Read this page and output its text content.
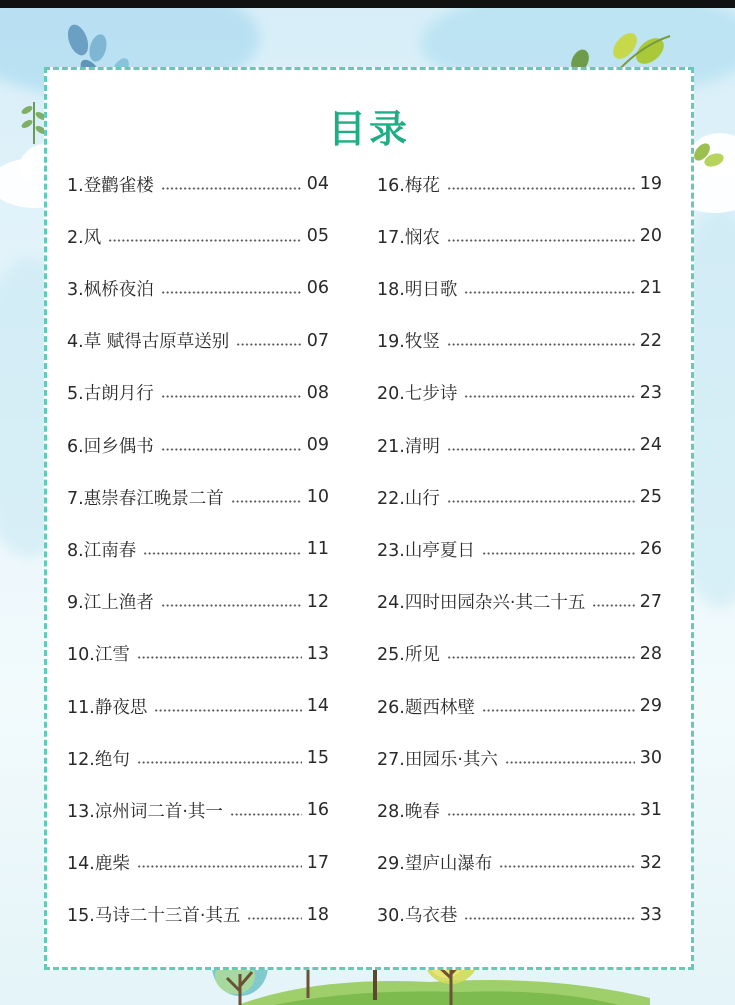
目录
1.登鹳雀楼	04
2.风	05
3.枫桥夜泊	06
4.草 赋得古原草送别	07
5.古朗月行	08
6.回乡偶书	09
7.惠崇春江晚景二首	10
8.江南春	11
9.江上渔者	12
10.江雪	13
11.静夜思	14
12.绝句	15
13.凉州词二首·其一	16
14.鹿柴	17
15.马诗二十三首·其五	18
16.梅花	19
17.悯农	20
18.明日歌	21
19.牧竖	22
20.七步诗	23
21.清明	24
22.山行	25
23.山亭夏日	26
24.四时田园杂兴·其二十五	27
25.所见	28
26.题西林壁	29
27.田园乐·其六	30
28.晚春	31
29.望庐山瀑布	32
30.乌衣巷	33
